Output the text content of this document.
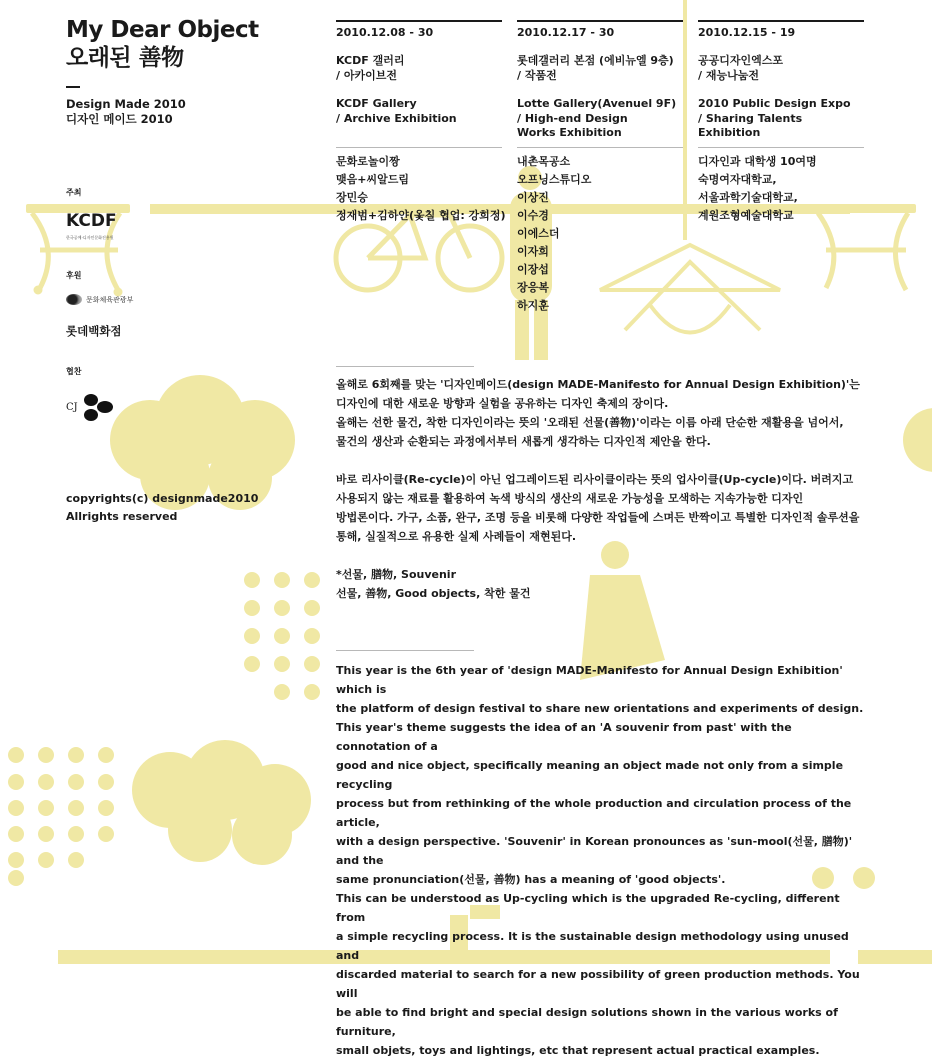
My Dear Object
오래된 善物
Design Made 2010
디자인 메이드 2010
주최
KCDF
한국공예·디자인문화진흥원
후원
문화체육관광부
롯데백화점
협찬
CJ
copyrights(c) designmade2010
Allrights reserved
2010.12.08 - 30
KCDF 갤러리
/ 아카이브전
KCDF Gallery
/ Archive Exhibition
2010.12.17 - 30
롯데갤러리 본점 (에비뉴엘 9층)
/ 작품전
Lotte Gallery(Avenuel 9F)
/ High-end Design
Works Exhibition
2010.12.15 - 19
공공디자인엑스포
/ 재능나눔전
2010 Public Design Expo
/ Sharing Talents Exhibition
문화로놀이짱
맺음+씨알드림
장민승
정재범+김하얀(옻칠 협업: 강희정)
내촌목공소
오프닝스튜디오
이상진
이수경
이에스더
이자희
이장섭
장응복
하지훈
디자인과 대학생 10여명
숙명여자대학교,
서울과학기술대학교,
계원조형예술대학교

올해로 6회째를 맞는 '디자인메이드(design MADE-Manifesto for Annual Design Exhibition)'는

디자인에 대한 새로운 방향과 실험을 공유하는 디자인 축제의 장이다.

올해는 선한 물건, 착한 디자인이라는 뜻의 '오래된 선물(善物)'이라는 이름 아래 단순한 재활용을 넘어서,

물건의 생산과 순환되는 과정에서부터 새롭게 생각하는 디자인적 제안을 한다.

바로 리사이클(Re-cycle)이 아닌 업그레이드된 리사이클이라는 뜻의 업사이클(Up-cycle)이다. 버려지고

사용되지 않는 재료를 활용하여 녹색 방식의 생산의 새로운 가능성을 모색하는 지속가능한 디자인

방법론이다. 가구, 소품, 완구, 조명 등을 비롯해 다양한 작업들에 스며든 반짝이고 특별한 디자인적 솔루션을

통해, 실질적으로 유용한 실제 사례들이 재현된다.

*선물, 膳物, Souvenir

선물, 善物, Good objects, 착한 물건

This year is the 6th year of 'design MADE-Manifesto for Annual Design Exhibition' which is

the platform of design festival to share new orientations and experiments of design.

This year's theme suggests the idea of an 'A souvenir from past' with the connotation of a

good and nice object, specifically meaning an object made not only from a simple recycling

process but from rethinking of the whole production and circulation process of the article,

with a design perspective. 'Souvenir' in Korean pronounces as 'sun-mool(선물, 膳物)' and the

same pronunciation(선물, 善物) has a meaning of 'good objects'.

This can be understood as Up-cycling which is the upgraded Re-cycling, different from

a simple recycling process. It is the sustainable design methodology using unused and

discarded material to search for a new possibility of green production methods. You will

be able to find bright and special design solutions shown in the various works of furniture,

small objets, toys and lightings, etc that represent actual practical examples.
